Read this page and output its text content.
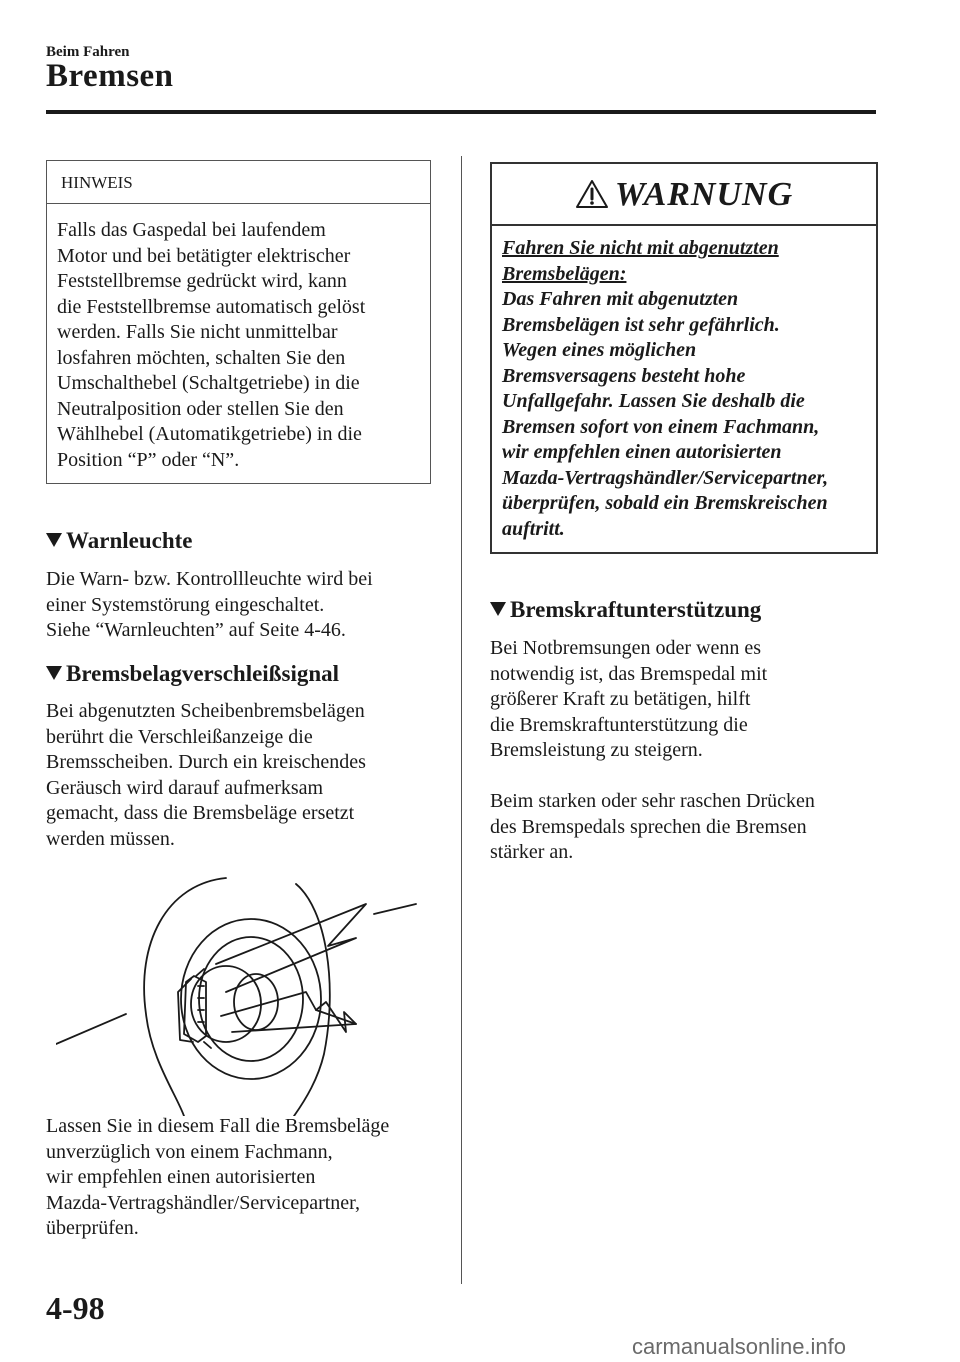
Beim Fahren
Bremsen
HINWEIS
Falls das Gaspedal bei laufendem
Motor und bei betätigter elektrischer
Feststellbremse gedrückt wird, kann
die Feststellbremse automatisch gelöst
werden. Falls Sie nicht unmittelbar
losfahren möchten, schalten Sie den
Umschalthebel (Schaltgetriebe) in die
Neutralposition oder stellen Sie den
Wählhebel (Automatikgetriebe) in die
Position “P” oder “N”.
Warnleuchte
Die Warn- bzw. Kontrollleuchte wird bei
einer Systemstörung eingeschaltet.
Siehe “Warnleuchten” auf Seite 4-46.
Bremsbelagverschleißsignal
Bei abgenutzten Scheibenbremsbelägen
berührt die Verschleißanzeige die
Bremsscheiben. Durch ein kreischendes
Geräusch wird darauf aufmerksam
gemacht, dass die Bremsbeläge ersetzt
werden müssen.
Lassen Sie in diesem Fall die Bremsbeläge
unverzüglich von einem Fachmann,
wir empfehlen einen autorisierten
Mazda-Vertragshändler/Servicepartner,
überprüfen.
WARNUNG
Fahren Sie nicht mit abgenutzten
Bremsbelägen:
Das Fahren mit abgenutzten
Bremsbelägen ist sehr gefährlich.
Wegen eines möglichen
Bremsversagens besteht hohe
Unfallgefahr. Lassen Sie deshalb die
Bremsen sofort von einem Fachmann,
wir empfehlen einen autorisierten
Mazda-Vertragshändler/Servicepartner,
überprüfen, sobald ein Bremskreischen
auftritt.
Bremskraftunterstützung
Bei Notbremsungen oder wenn es
notwendig ist, das Bremspedal mit
größerer Kraft zu betätigen, hilft
die Bremskraftunterstützung die
Bremsleistung zu steigern.
Beim starken oder sehr raschen Drücken
des Bremspedals sprechen die Bremsen
stärker an.
4-98
carmanualsonline.info
